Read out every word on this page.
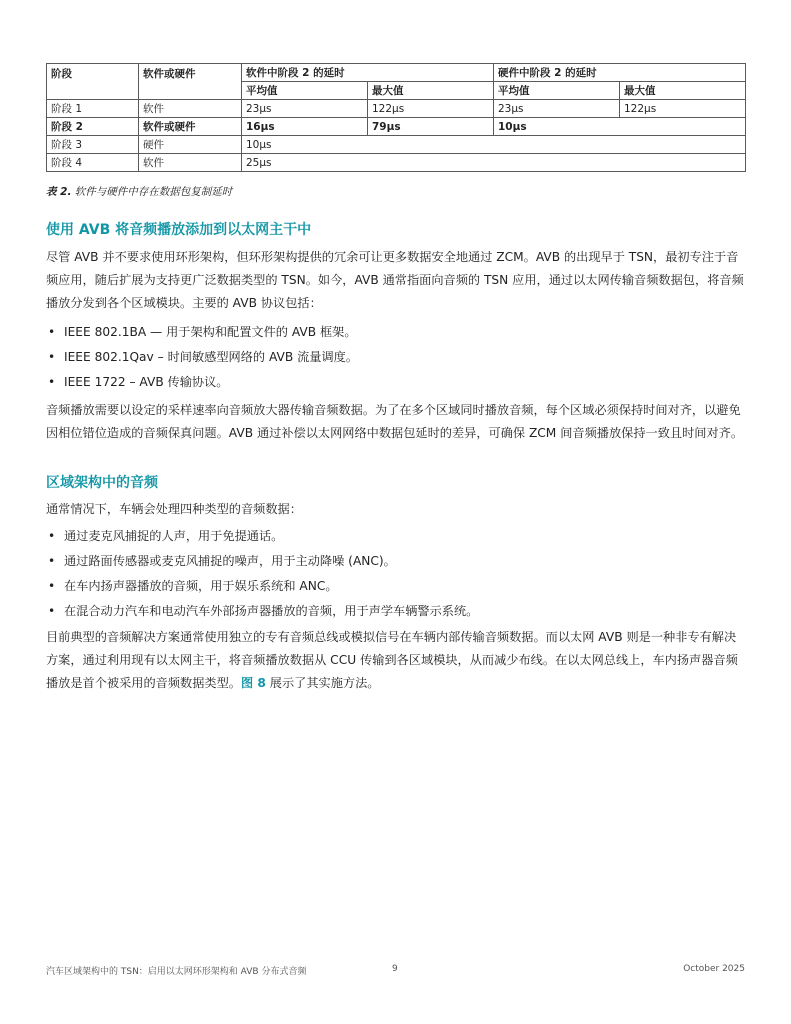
阶段	软件或硬件	软件中阶段 2 的延时		硬件中阶段 2 的延时	
		平均值	最大值	平均值	最大值
阶段 1	软件	23µs	122µs	23µs	122µs
阶段 2	软件或硬件	16µs	79µs	10µs	
阶段 3	硬件	10µs			
阶段 4	软件	25µs			
表 2. 软件与硬件中存在数据包复制延时
使用 AVB 将音频播放添加到以太网主干中

尽管 AVB 并不要求使用环形架构，但环形架构提供的冗余可让更多数据安全地通过 ZCM。AVB 的出现早于 TSN，最初专注于音频应用，随后扩展为支持更广泛数据类型的 TSN。如今，AVB 通常指面向音频的 TSN 应用，通过以太网传输音频数据包，将音频播放分发到各个区域模块。主要的 AVB 协议包括：

• IEEE 802.1BA — 用于架构和配置文件的 AVB 框架。
• IEEE 802.1Qav – 时间敏感型网络的 AVB 流量调度。
• IEEE 1722 – AVB 传输协议。

音频播放需要以设定的采样速率向音频放大器传输音频数据。为了在多个区域同时播放音频，每个区域必须保持时间对齐，以避免因相位错位造成的音频保真问题。AVB 通过补偿以太网网络中数据包延时的差异，可确保 ZCM 间音频播放保持一致且时间对齐。

区域架构中的音频

通常情况下，车辆会处理四种类型的音频数据：

• 通过麦克风捕捉的人声，用于免提通话。
• 通过路面传感器或麦克风捕捉的噪声，用于主动降噪 (ANC)。
• 在车内扬声器播放的音频，用于娱乐系统和 ANC。
• 在混合动力汽车和电动汽车外部扬声器播放的音频，用于声学车辆警示系统。

目前典型的音频解决方案通常使用独立的专有音频总线或模拟信号在车辆内部传输音频数据。而以太网 AVB 则是一种非专有解决方案，通过利用现有以太网主干，将音频播放数据从 CCU 传输到各区域模块，从而减少布线。在以太网总线上，车内扬声器音频播放是首个被采用的音频数据类型。图 8 展示了其实施方法。

汽车区域架构中的 TSN：启用以太网环形架构和 AVB 分布式音频	9	October 2025
